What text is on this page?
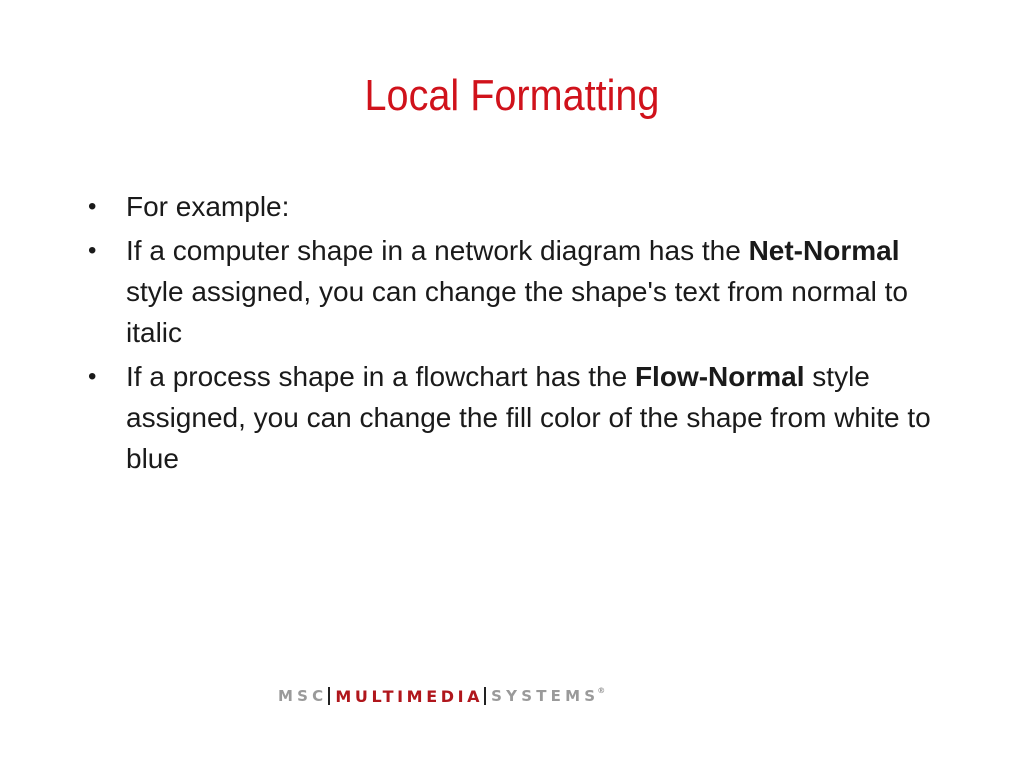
Local Formatting
• For example:
• If a computer shape in a network diagram has the Net-Normal style assigned, you can change the shape's text from normal to italic
• If a process shape in a flowchart has the Flow-Normal style assigned, you can change the fill color of the shape from white to blue
MSC MULTIMEDIA SYSTEMS
®
